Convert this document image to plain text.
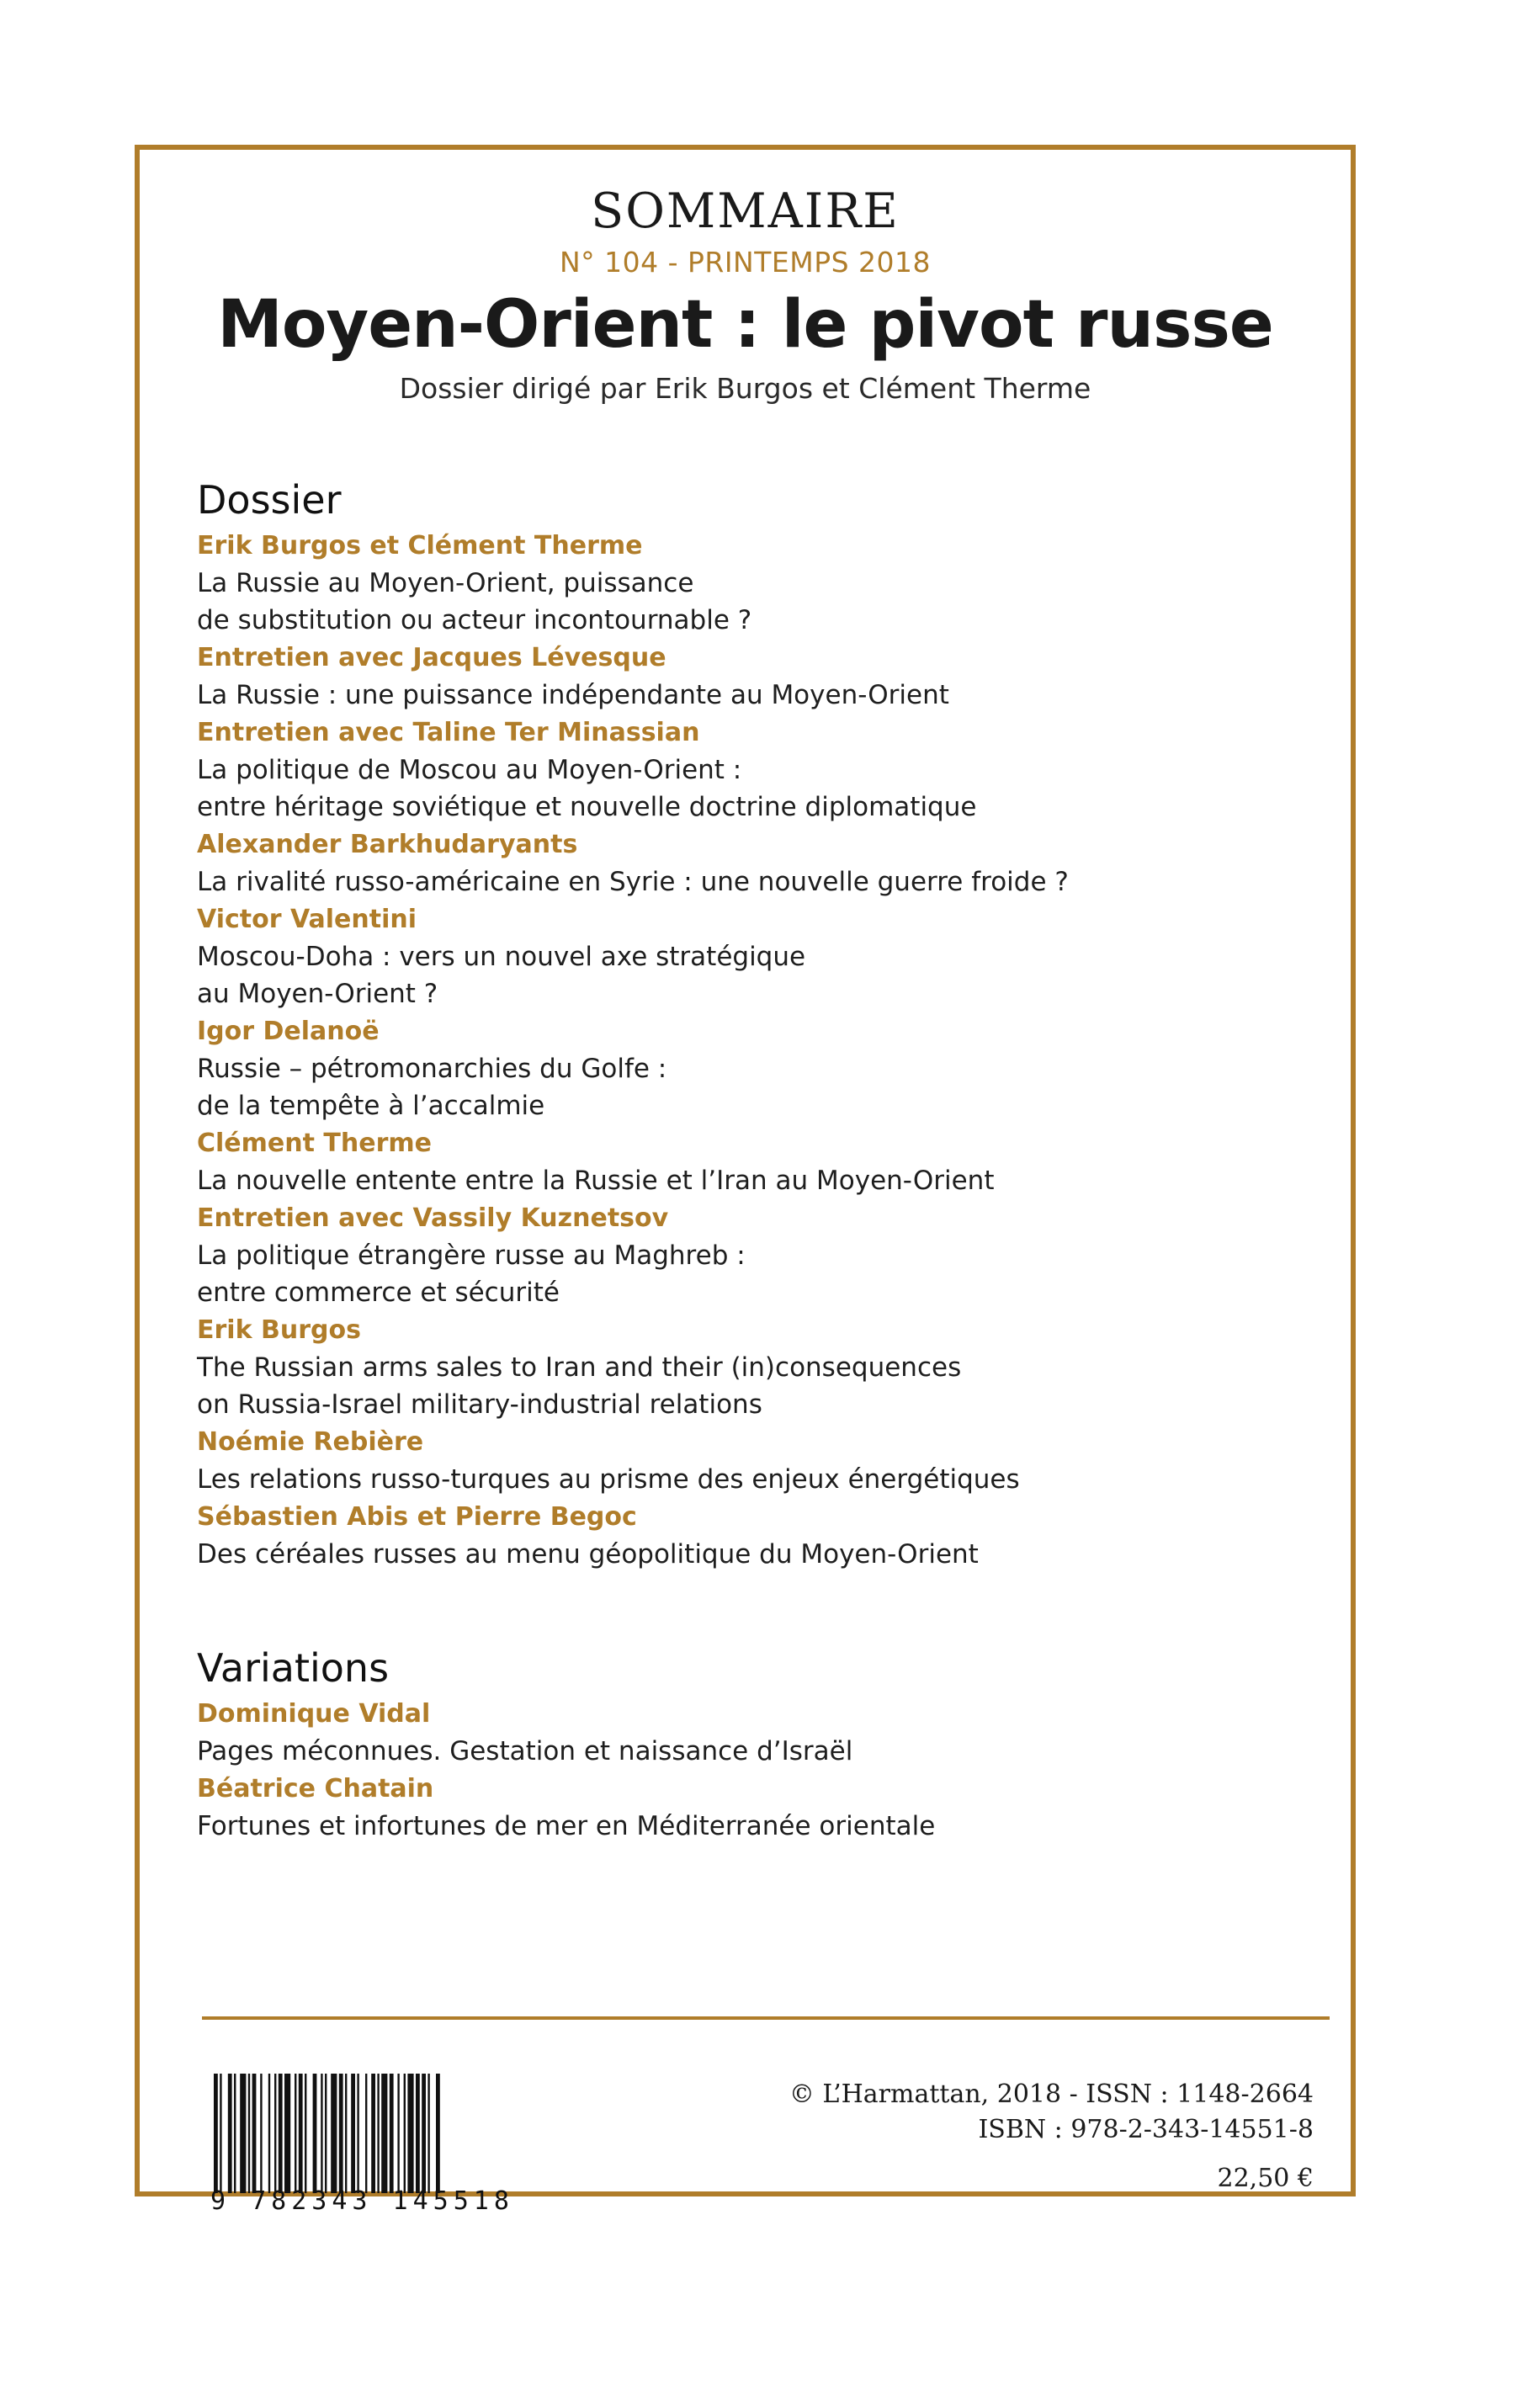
SOMMAIRE
N° 104 - PRINTEMPS 2018
Moyen-Orient : le pivot russe
Dossier dirigé par Erik Burgos et Clément Therme
Dossier
Erik Burgos et Clément Therme
La Russie au Moyen-Orient, puissance
de substitution ou acteur incontournable ?
Entretien avec Jacques Lévesque
La Russie : une puissance indépendante au Moyen-Orient
Entretien avec Taline Ter Minassian
La politique de Moscou au Moyen-Orient :
entre héritage soviétique et nouvelle doctrine diplomatique
Alexander Barkhudaryants
La rivalité russo-américaine en Syrie : une nouvelle guerre froide ?
Victor Valentini
Moscou-Doha : vers un nouvel axe stratégique
au Moyen-Orient ?
Igor Delanoë
Russie – pétromonarchies du Golfe :
de la tempête à l’accalmie
Clément Therme
La nouvelle entente entre la Russie et l’Iran au Moyen-Orient
Entretien avec Vassily Kuznetsov
La politique étrangère russe au Maghreb :
entre commerce et sécurité
Erik Burgos
The Russian arms sales to Iran and their (in)consequences
on Russia-Israel military-industrial relations
Noémie Rebière
Les relations russo-turques au prisme des enjeux énergétiques
Sébastien Abis et Pierre Begoc
Des céréales russes au menu géopolitique du Moyen-Orient
Variations
Dominique Vidal
Pages méconnues. Gestation et naissance d’Israël
Béatrice Chatain
Fortunes et infortunes de mer en Méditerranée orientale
9 782343 145518
© L’Harmattan, 2018 - ISSN : 1148-2664
ISBN : 978-2-343-14551-8
22,50 €
